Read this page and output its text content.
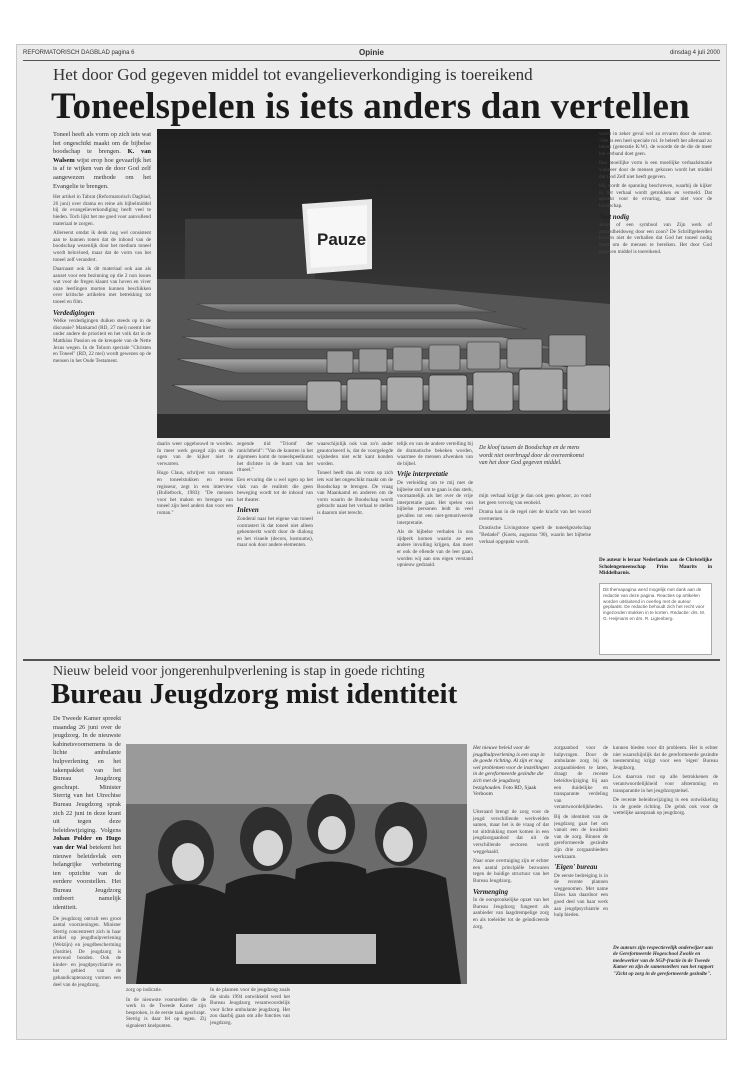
REFORMATORISCH DAGBLAD pagina 6	Opinie	dinsdag 4 juli 2000
Het door God gegeven middel tot evangelieverkondiging is toereikend
Toneelspelen is iets anders dan vertellen

Toneel heeft als vorm op zich iets wat het ongeschikt maakt om de bijbelse boodschap te brengen. K. van Walsem wijst erop hoe gevaarlijk het is af te wijken van de door God zelf aangewezen methode om het Evangelie te brengen.

Het artikel in Tabrat (Reformatorisch Dagblad, 26 juni) over drama en reine als bijbelmiddel bij de evangelieverkondiging heeft veel te bieden. Toch lijkt het me goed voor aanvullend materiaal te zorgen.

Allereerst omdat ik denk nog wel consistent aan te kunnen tonen dat de inbond van de boodschap wezenlijk door het medium toneel wordt beïnvloed, maar dat de vorm van het toneel zelf verandert.

Daarnaast ook ik dit materiaal ook aan als aanzet voor een bezinning op die 2 non issues wat voor de fregen klaant van hoven en viver onze leerlingen morten kunnen beschikken over kritische artikelen met betrekking tot toneel en film.

Verdedigingen

Welke verdedigingen duiken steeds op in de discussie? Mankamd (RD, 27 mei) noemt hier onder andere de prioriteit en het volk dat in de Matthäus Passion en de kreupele van de Nette Jezus wegen. In de Toborn speciale "Christen en Toneel" (RD, 22 mei) wordt gewezen op de mensen in het Oude Testament.

Pauze

daarin weer opgebouwd te worden. In meer werk gezegd zijn om de ogen van de kijker niet te verwarren.

Hugo Claus, schrijver van romans en toneelstukken en tevens regisseur, zegt in een interview (Bulletbock, 1983): "De mensen voor het maken en brengen van toneel zijn heel anders dan voor een roman."

zegende tiid "Triomf der ranichtheid": "Van de kunsten in het algemeen komt de toneelspeelkunst het dichtste in de buurt van het ritueel."

Een ervaring die u wel ogen op het vlak van de realiteit die geen beweging wordt tot de inhoud van het theater.

Inleven

Zonderal naar het eigene van toneel contrastert ik dat toneel niet alleen gekenmerkt wordt door de dialoog en het visuele (decors, kostuums), maar ook door andere elementen.

waarschijnlijk ook van zo'n ander geautoriseerd is, dat de voorgelegde wijsheden niet echt kant konden worden.

Toneel heeft dus als vorm op zich iets wat het ongeschikt maakt om de Boodschap te brengen. De vraag van Maankamd en anderen om de vorm waarin de Boodschap wordt gebracht naast het verhaal te stellen is daarom niet terecht.

telijk en van de andere vertelling bij de dramatische bekeken worden, waarmee de mensen afwenken van de bijbel.

Vrije interpretatie

De verleiding om te mij met de bijbelse stof om te gaan is dus sterk, voornamelijk als het over de vrije interpretatie gaat. Het spelen van bijbelse personen leidt in veel gevallen tot een niet-gemotiveerde interpretatie.

Als de bijbelse verhalen in ons tijdperk komen waarin ze een andere invulling krijgen, dan moet er ook de ellende van de leer gaan, worden wij aan ons eigen verstand opnieuw gedraaid.

De kloof tussen de Boodschap en de mens wordt niet overbrugd door de overeenkomst van het door God gegeven middel.

mijn verhaal krijgt je dan ook geen gehoor, zo vond het geen vervolg van eenheid.

Drama kan in de regel niet de kracht van het woord overnemen.

Drastische Livingstone speelt de toneelgezelschap "Bedadel" (Koets, augustus '90), waarin het bijbelse verhaal opgepakt wordt.

wordt in zeker geval wel zo ervaren door de acteur. "Het is een heel speciale rol. Je beleeft het allemaal zo intens (generatie K:W). de woorde de de die de meer het verband doet geen.

Een moeilijke vorm is een moeilijke verhaalsituatie wanneer door de mensen gekozen wordt het middel dat God Zelf niet heeft gegeven.

Hij wordt de spanning beschreven, waarbij de kijker in het verhaal wordt getrokken en vermeld. Dat spreekt voor de ervaring, maar niet voor de boodschap.

Niet nodig

Jezus of een symbool van Zijn werk of gezondheidsweg door een zoon? De Schriftgeleerden kennen niet de verhallen dat God het toneel nodig heeft om de mensen te bereiken. Het door God gegeven middel is toereikend.

De auteur is leraar Nederlands aan de Christelijke Scholengemeenschap Prins Maurits in Middelharnis.
Dit themapagina werd mogelijk met dank aan de redactie van deze pagina. Reacties op artikelen worden uitsluitend in overleg met de auteur geplaatst. De redactie behoudt zich het recht voor ingezonden stukken in te korten. Redactie: drs. M. G. Heijmans en drs. R. Ligtenberg.
Nieuw beleid voor jongerenhulpverlening is stap in goede richting
Bureau Jeugdzorg mist identiteit

De Tweede Kamer spreekt maandag 26 juni over de jeugdzorg. In de nieuwste kabinetsvoornemens is de lichte ambulante hulpverlening en het takenpakket van het Bureau Jeugdzorg geschrapt. Minister Sterrig van het Utrechtse Bureau Jeugdzorg sprak zich 22 juni in deze krant uit tegen deze beleidswijziging. Volgens Johan Polder en Hugo van der Wal betekent het nieuwe beleidsvlak een belangrijke verbetering ten opzichte van de eerdere voorstellen. Het Bureau Jeugdzorg ontbeert namelijk identiteit.

De jeugdzorg ontvalt een groot aantal voorzieningen. Minister Sterrig concentreert zich in haar artikel op jeugdhulpverlening (Welzijn) en jeugdbescherming (Justitie). De jeugdzorg is eenvoud bonden. Ook de kinder- en jeugdpsychiatrie en het gebied van de gehandicaptenzorg vormen een deel van de jeugdzorg.

zorg op indicatie.

In de nieuwste voorstellen die de werk in de Tweede Kamer zijn besproken, is de eerste taak geschrapt. Sterrig is daar fel op tegen. Zij signaleert knelpunten.

In de plannen voor de jeugdzorg zoals die sinds 1994 ontwikkeld werd het Bureau Jeugdzorg verantwoordelijk voor lichte ambulante jeugdzorg. Het zou daarbij gaan om alle functies van jeugdzorg.

Het nieuwe beleid voor de jeugdhulpverlening is een stap in de goede richting. Al zijn er nog wel problemen voor de instellingen in de gereformeerde gezindte die zich met de jeugdzorg bezighouden. Foto RD, Sjaak Verboom

Uiteraard brengt de zorg voor de jeugd verschillende werkvelden samen, maar het is de vraag of dat tot uitdrukking moet komen in een jeugdzorgaanbod dat uit de verschillende sectoren wordt weggehaald.

Naar onze overtuiging zijn er echter een aantal principiële bezwaren tegen de huidige structuur van het Bureau Jeugdzorg.

Vermenging

In de oorspronkelijke opzet van het Bureau Jeugdzorg fungeert als aanbieder van laagdrempelige zorg en als toeleider tot de geïndiceerde zorg.

zorgaanbod voor de hulpvragen. Door de ambulante zorg bij de zorgaanbieders te laten, draagt de recente beleidswijziging bij aan een duidelijke en transparante verdeling van verantwoordelijkheden.

Bij de identiteit van de jeugdzorg gaat het om vanuit een de kwaliteit van de zorg. Binnen de gereformeerde gezindte zijn drie zorgaanbieders werkzaam.

'Eigen' bureau

De eerste bedreiging is in de recente plannen weggenomen. Met name Eleos kan daardoor een goed deel van haar werk aan jeugdpsychiatrie en hulp bieden.

kunnen bieden voor dit probleem. Het is echter niet waarschijnlijk dat de gereformeerde gezindte toestemming krijgt voor een 'eigen' Bureau Jeugdzorg.

Los daarvan rust op alle betrokkenen de verantwoordelijkheid voor afstemming en transparantie in het jeugdzorgstelsel.

De recente beleidswijziging is een ontwikkeling in de goede richting. De geluk ook voor de wettelijke aanspraak op jeugdzorg.

De auteurs zijn respectievelijk onderwijzer aan de Gereformeerde Hogeschool Zwolle en medewerker van de SGP-fractie in de Tweede Kamer en zijn de samenstellers van het rapport "Zicht op zorg in de gereformeerde gezindte".
